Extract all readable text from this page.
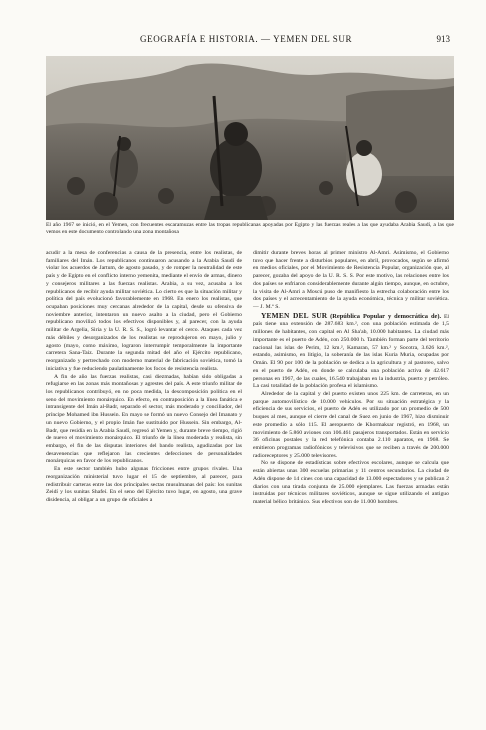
GEOGRAFÍA E HISTORIA. — YEMEN DEL SUR	913
El año 1967 se inició, en el Yemen, con frecuentes escaramuzas entre las tropas republicanas apoyadas por Egipto y las fuerzas reales a las que ayudaba Arabia Saudí, a las que vemos en este documento controlando una zona montañosa

acudir a la mesa de conferencias a causa de la presencia, entre los realistas, de familiares del Imán. Los republicanos continuaron acusando a la Arabia Saudí de violar los acuerdos de Jartum, de agosto pasado, y de romper la neutralidad de este país y de Egipto en el conflicto interno yemenita, mediante el envío de armas, dinero y consejeros militares a las fuerzas realistas. Arabia, a su vez, acusaba a los republicanos de recibir ayuda militar soviética. Lo cierto es que la situación militar y política del país evolucionó favorablemente en 1968. En enero los realistas, que ocupaban posiciones muy cercanas alrededor de la capital, desde su ofensiva de noviembre anterior, intentaron un nuevo asalto a la ciudad, pero el Gobierno republicano movilizó todos los efectivos disponibles y, al parecer, con la ayuda militar de Argelia, Siria y la U. R. S. S., logró levantar el cerco. Ataques cada vez más débiles y desorganizados de los realistas se reprodujeron en mayo, julio y agosto (mayo, como máximo, lograron interrumpir temporalmente la importante carretera Sana-Taiz. Durante la segunda mitad del año el Ejército republicano, reorganizado y pertrechado con moderno material de fabricación soviética, tomó la iniciativa y fue reduciendo paulatinamente los focos de resistencia realista.

A fin de año las fuerzas realistas, casi diezmadas, habían sido obligadas a refugiarse en las zonas más montañosas y agrestes del país. A este triunfo militar de los republicanos contribuyó, en no poca medida, la descomposición política en el seno del movimiento monárquico. En efecto, en contraposición a la línea fanática e intransigente del Imán al-Badr, separado el sector, más moderado y conciliador, del príncipe Mohamed ibn Hussein. En mayo se formó un nuevo Consejo del Imanato y un nuevo Gobierno, y el propio Imán fue sustituido por Hussein. Sin embargo, Al-Badr, que residía en la Arabia Saudí, regresó al Yemen y, durante breve tiempo, rigió de nuevo el movimiento monárquico. El triunfo de la línea moderada y realista, sin embargo, el fin de las disputas interiores del bando realista, agudizadas por las desavenencias que reflejaron las crecientes defecciones de personalidades monárquicas en favor de los republicanos.

En este sector también hubo algunas fricciones entre grupos rivales. Una reorganización ministerial tuvo lugar el 15 de septiembre, al parecer, para redistribuir carteras entre las dos principales sectas musulmanas del país: los sunitas Zeidí y los sunitas Shafeí. En el seno del Ejército tuvo lugar, en agosto, una grave disidencia, al obligar a un grupo de oficiales a

dimitir durante breves horas al primer ministro Al-Amri. Asimismo, el Gobierno tuvo que hacer frente a disturbios populares, en abril, provocados, según se afirmó en medios oficiales, por el Movimiento de Resistencia Popular, organización que, al parecer, gozaba del apoyo de la U. R. S. S. Por este motivo, las relaciones entre los dos países se enfriaron considerablemente durante algún tiempo, aunque, en octubre, la visita de Al-Amri a Moscú puso de manifiesto la estrecha colaboración entre los dos países y el acrecentamiento de la ayuda económica, técnica y militar soviética. — J. M.ª S.

YEMEN DEL SUR (República Popular y democrática de). El país tiene una extensión de 287.683 km.², con una población estimada de 1,5 millones de habitantes, con capital en Al Sha'ab, 10.000 habitantes. La ciudad más importante es el puerto de Adén, con 250.000 h. También forman parte del territorio nacional las islas de Perim, 12 km.², Kamaran, 57 km.² y Socotra, 3.626 km.², estando, asimismo, en litigio, la soberanía de las islas Kuria Muria, ocupadas por Omán. El 90 por 100 de la población se dedica a la agricultura y al pastoreo, salvo en el puerto de Adén, en donde se calculaba una población activa de 42.617 personas en 1967, de las cuales, 16.540 trabajaban en la industria, puerto y petróleo. La casi totalidad de la población profesa el islamismo.

Alrededor de la capital y del puerto existen unos 225 km. de carreteras, en un parque automovilístico de 10.000 vehículos. Por su situación estratégica y la eficiencia de sus servicios, el puerto de Adén es utilizado por un promedio de 500 buques al mes, aunque el cierre del canal de Suez en junio de 1967, hizo disminuir este promedio a sólo 115. El aeropuerto de Khormaksar registró, en 1968, un movimiento de 5.860 aviones con 106.461 pasajeros transportados. Están en servicio 36 oficinas postales y la red telefónica contaba 2.110 aparatos, en 1968. Se emitieron programas radiofónicos y televisivos que se reciben a través de 200.000 radioreceptores y 25.000 televisores.

No se dispone de estadísticas sobre efectivos escolares, aunque se calcula que están abiertas unas 300 escuelas primarias y 11 centros secundarios. La ciudad de Adén dispone de 14 cines con una capacidad de 13.000 espectadores y se publican 2 diarios con una tirada conjunta de 25.000 ejemplares. Las fuerzas armadas están instruidas por técnicos militares soviéticos, aunque se sigue utilizando el antiguo material bélico británico. Sus efectivos son de 11.000 hombres.
